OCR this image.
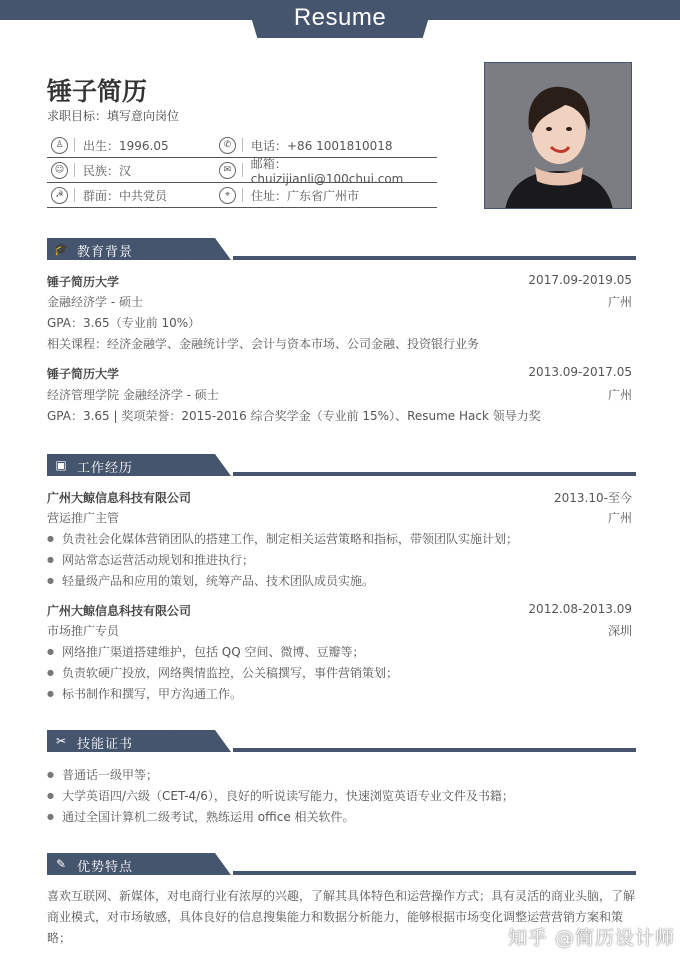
Resume
锤子简历
求职目标：填写意向岗位
♙	出生：1996.05	✆	电话：+86 1001810018
☺	民族：汉	✉	邮箱：chuizijianli@100chui.com
☭	群面：中共党员	⌖	住址：广东省广州市
🎓 教育背景
锤子简历大学	2017.09-2019.05
金融经济学 - 硕士	广州
GPA：3.65（专业前 10%）
相关课程：经济金融学、金融统计学、会计与资本市场、公司金融、投资银行业务
锤子简历大学	2013.09-2017.05
经济管理学院 金融经济学 - 硕士	广州
GPA：3.65 | 奖项荣誉：2015-2016 综合奖学金（专业前 15%）、Resume Hack 领导力奖
▣ 工作经历
广州大鲸信息科技有限公司	2013.10-至今
营运推广主管	广州
● 负责社会化媒体营销团队的搭建工作，制定相关运营策略和指标，带领团队实施计划；
● 网站常态运营活动规划和推进执行；
● 轻量级产品和应用的策划，统筹产品、技术团队成员实施。
广州大鲸信息科技有限公司	2012.08-2013.09
市场推广专员	深圳
● 网络推广渠道搭建维护，包括 QQ 空间、微博、豆瓣等；
● 负责软硬广投放，网络舆情监控，公关稿撰写，事件营销策划；
● 标书制作和撰写，甲方沟通工作。
✂ 技能证书
● 普通话一级甲等；
● 大学英语四/六级（CET-4/6），良好的听说读写能力，快速浏览英语专业文件及书籍；
● 通过全国计算机二级考试，熟练运用 office 相关软件。
✎ 优势特点
喜欢互联网、新媒体，对电商行业有浓厚的兴趣，了解其具体特色和运营操作方式；具有灵活的商业头脑，了解
商业模式，对市场敏感，具体良好的信息搜集能力和数据分析能力，能够根据市场变化调整运营营销方案和策略；	知乎 @简历设计师
